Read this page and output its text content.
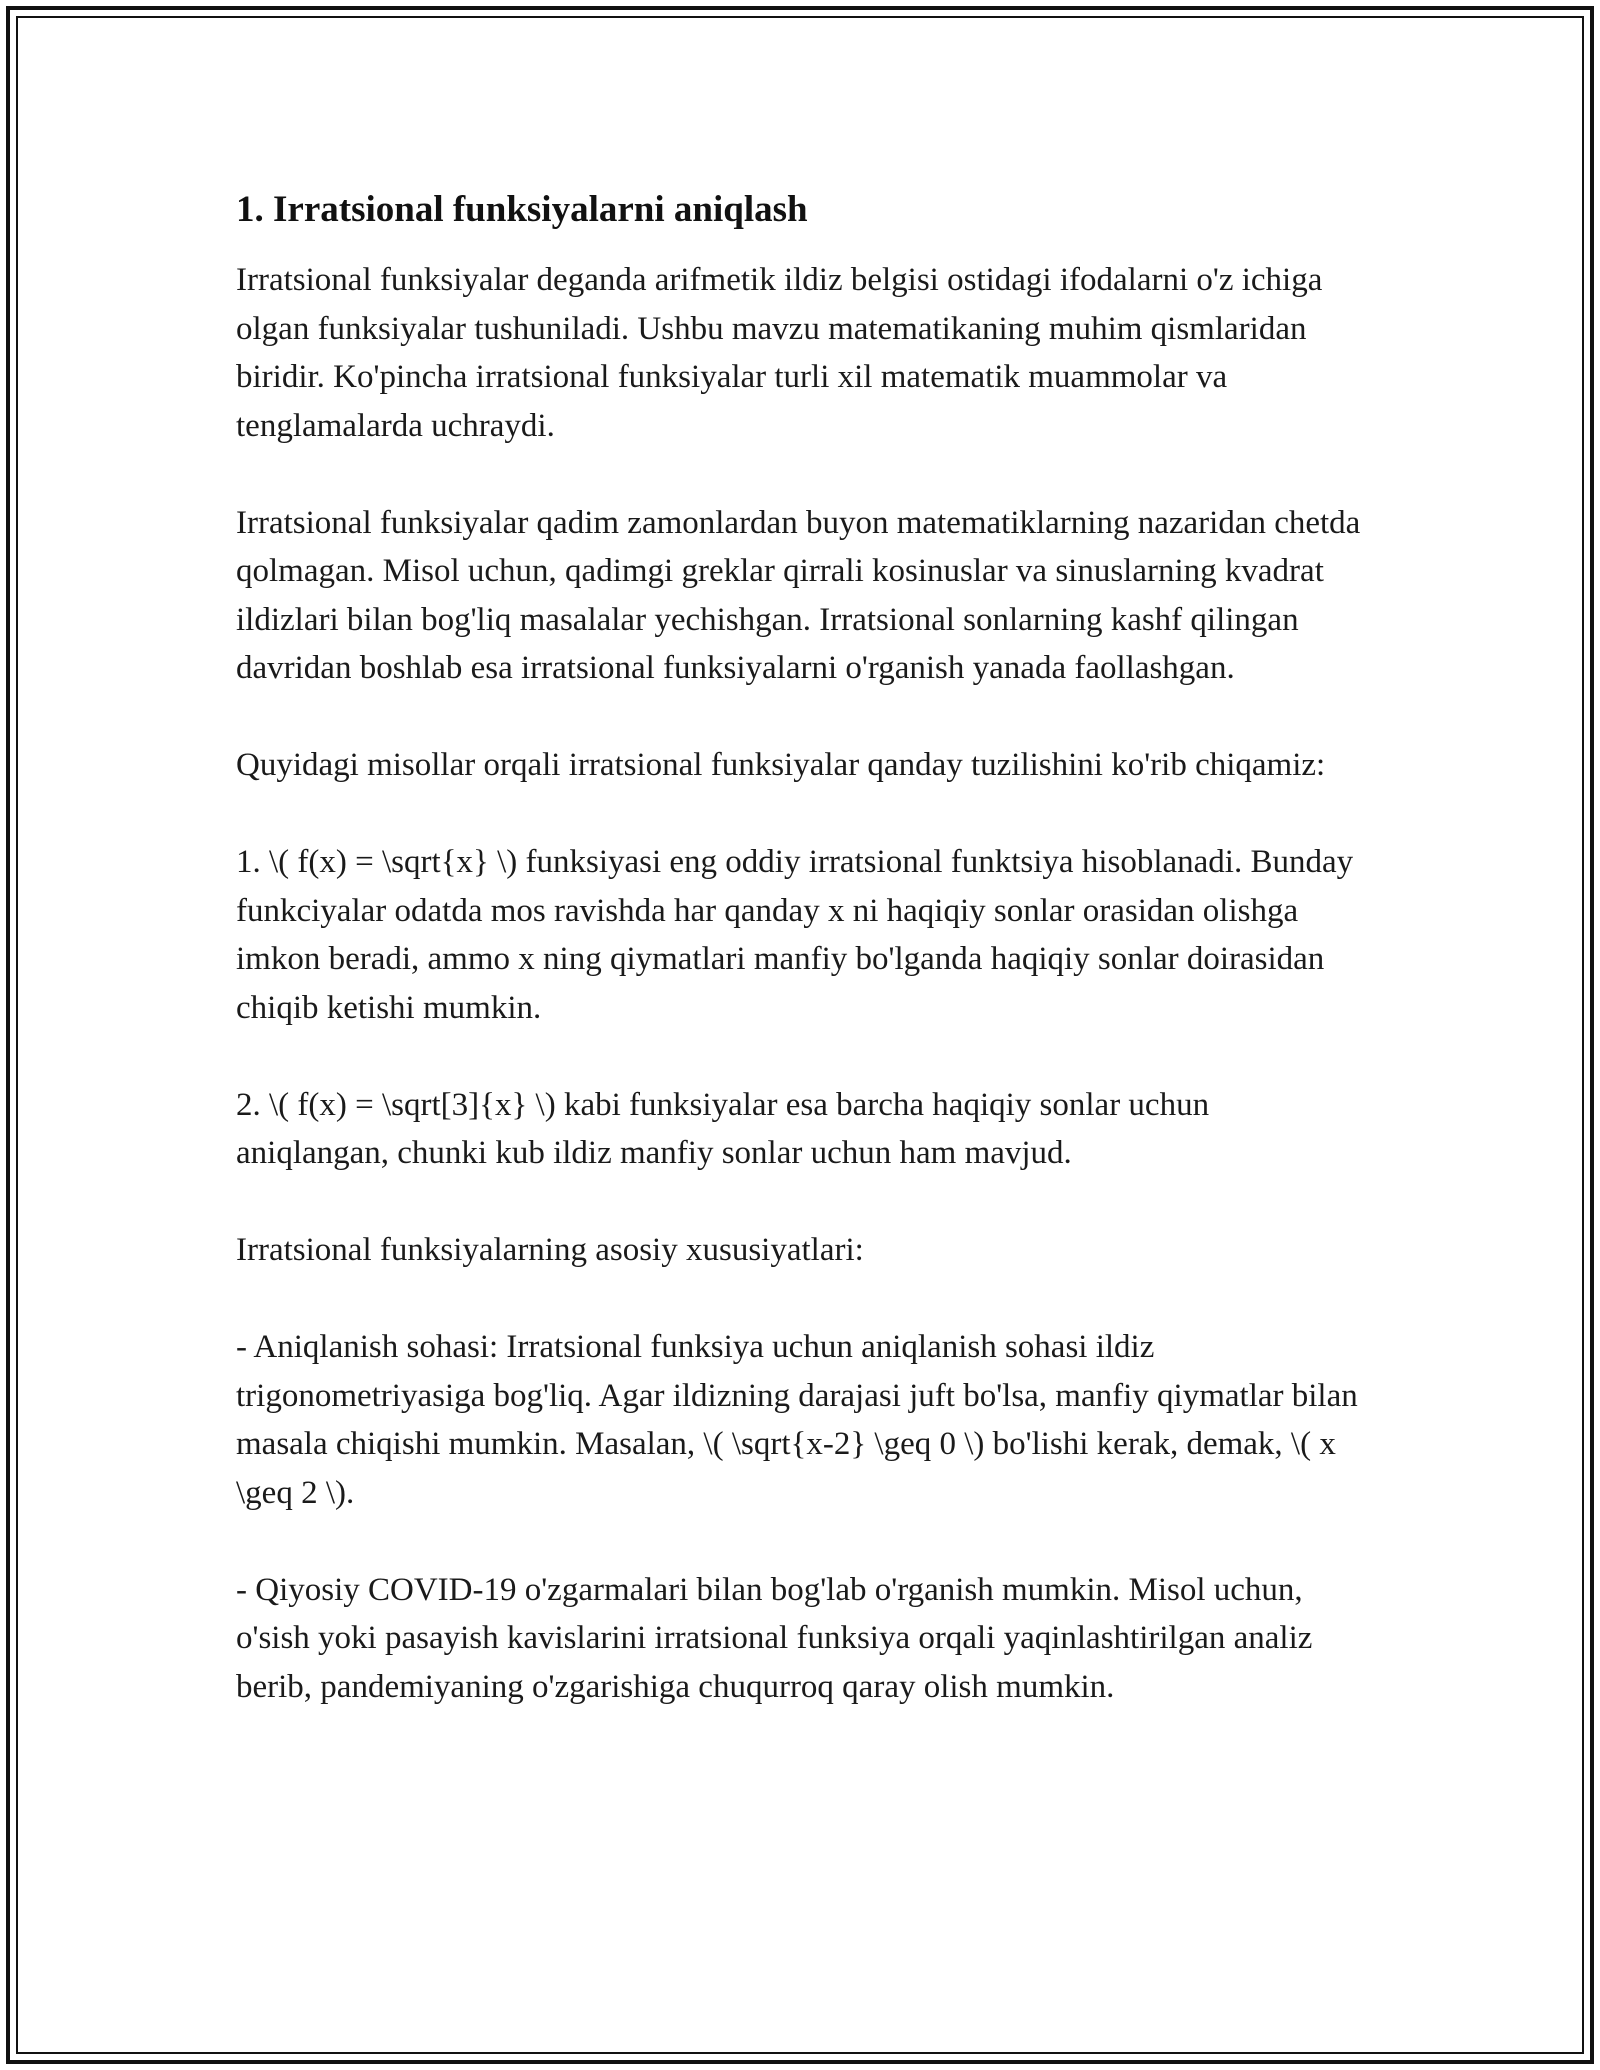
1. Irratsional funksiyalarni aniqlash

Irratsional funksiyalar deganda arifmetik ildiz belgisi ostidagi ifodalarni o'z ichiga olgan funksiyalar tushuniladi. Ushbu mavzu matematikaning muhim qismlaridan biridir. Ko'pincha irratsional funksiyalar turli xil matematik muammolar va tenglamalarda uchraydi.

Irratsional funksiyalar qadim zamonlardan buyon matematiklarning nazaridan chetda qolmagan. Misol uchun, qadimgi greklar qirrali kosinuslar va sinuslarning kvadrat ildizlari bilan bog'liq masalalar yechishgan. Irratsional sonlarning kashf qilingan davridan boshlab esa irratsional funksiyalarni o'rganish yanada faollashgan.

Quyidagi misollar orqali irratsional funksiyalar qanday tuzilishini ko'rib chiqamiz:

1. \( f(x) = \sqrt{x} \) funksiyasi eng oddiy irratsional funktsiya hisoblanadi. Bunday funkciyalar odatda mos ravishda har qanday x ni haqiqiy sonlar orasidan olishga imkon beradi, ammo x ning qiymatlari manfiy bo'lganda haqiqiy sonlar doirasidan chiqib ketishi mumkin.

2. \( f(x) = \sqrt[3]{x} \) kabi funksiyalar esa barcha haqiqiy sonlar uchun aniqlangan, chunki kub ildiz manfiy sonlar uchun ham mavjud.

Irratsional funksiyalarning asosiy xususiyatlari:

- Aniqlanish sohasi: Irratsional funksiya uchun aniqlanish sohasi ildiz trigonometriyasiga bog'liq. Agar ildizning darajasi juft bo'lsa, manfiy qiymatlar bilan masala chiqishi mumkin. Masalan, \( \sqrt{x-2} \geq 0 \) bo'lishi kerak, demak, \( x \geq 2 \).

- Qiyosiy COVID-19 o'zgarmalari bilan bog'lab o'rganish mumkin. Misol uchun, o'sish yoki pasayish kavislarini irratsional funksiya orqali yaqinlashtirilgan analiz berib, pandemiyaning o'zgarishiga chuqurroq qaray olish mumkin.
